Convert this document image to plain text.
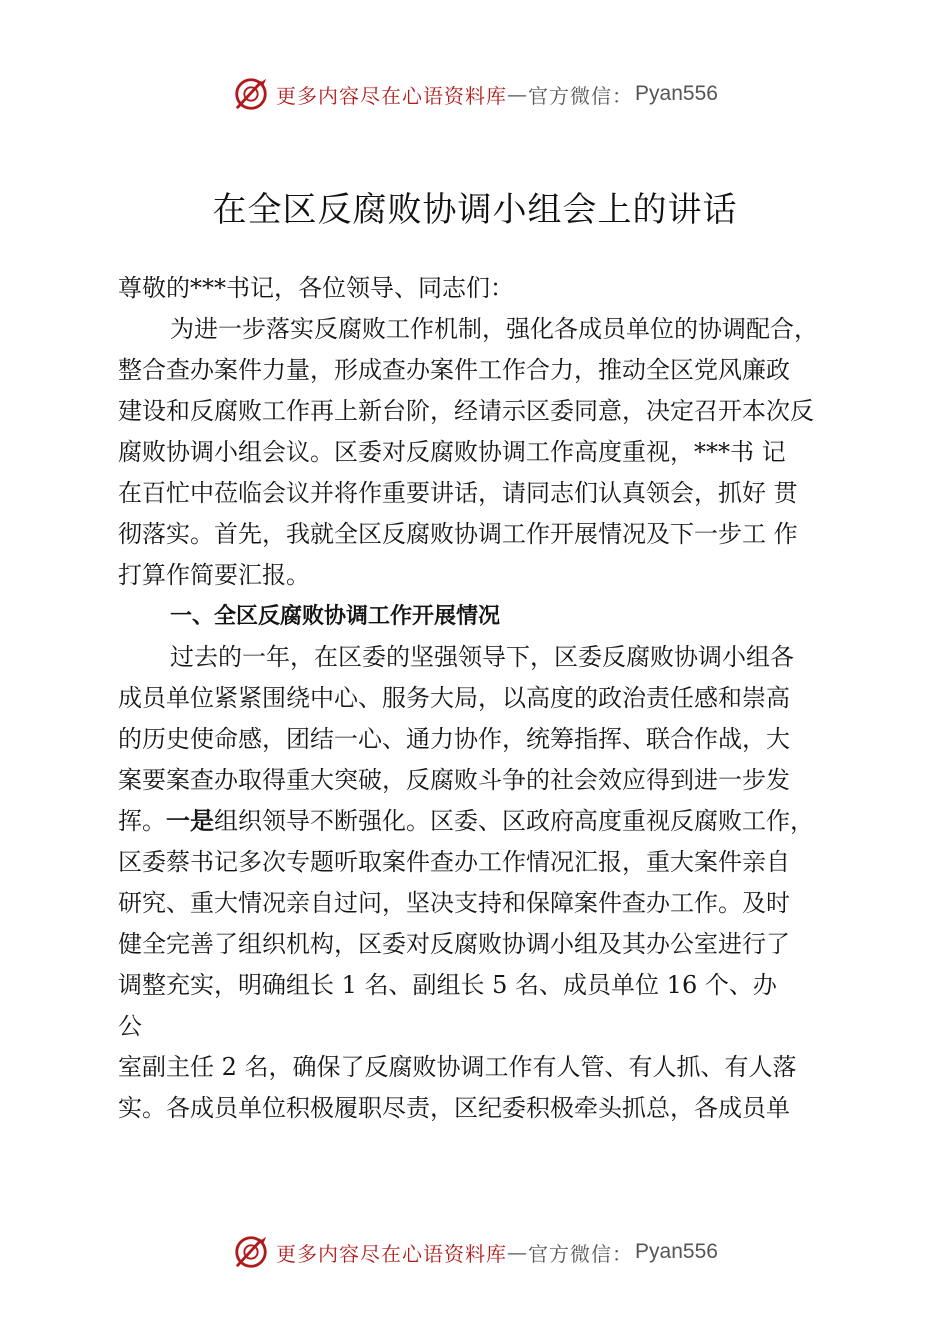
更多内容尽在心语资料库 — 官方微信： Pyan556
在全区反腐败协调小组会上的讲话
尊敬的***书记，各位领导、同志们：
为进一步落实反腐败工作机制，强化各成员单位的协调配合，
整合查办案件力量，形成查办案件工作合力，推动全区党风廉政
建设和反腐败工作再上新台阶，经请示区委同意，决定召开本次反
腐败协调小组会议。区委对反腐败协调工作高度重视，***书 记
在百忙中莅临会议并将作重要讲话，请同志们认真领会，抓好 贯
彻落实。首先，我就全区反腐败协调工作开展情况及下一步工 作
打算作简要汇报。
一、全区反腐败协调工作开展情况
过去的一年，在区委的坚强领导下，区委反腐败协调小组各
成员单位紧紧围绕中心、服务大局，以高度的政治责任感和崇高
的历史使命感，团结一心、通力协作，统筹指挥、联合作战，大
案要案查办取得重大突破，反腐败斗争的社会效应得到进一步发
挥。一是组织领导不断强化。区委、区政府高度重视反腐败工作，
区委蔡书记多次专题听取案件查办工作情况汇报，重大案件亲自
研究、重大情况亲自过问，坚决支持和保障案件查办工作。及时
健全完善了组织机构，区委对反腐败协调小组及其办公室进行了
调整充实，明确组长 1 名、副组长 5 名、成员单位 16 个、办
公
室副主任 2 名，确保了反腐败协调工作有人管、有人抓、有人落
实。各成员单位积极履职尽责，区纪委积极牵头抓总，各成员单
更多内容尽在心语资料库 — 官方微信： Pyan556
